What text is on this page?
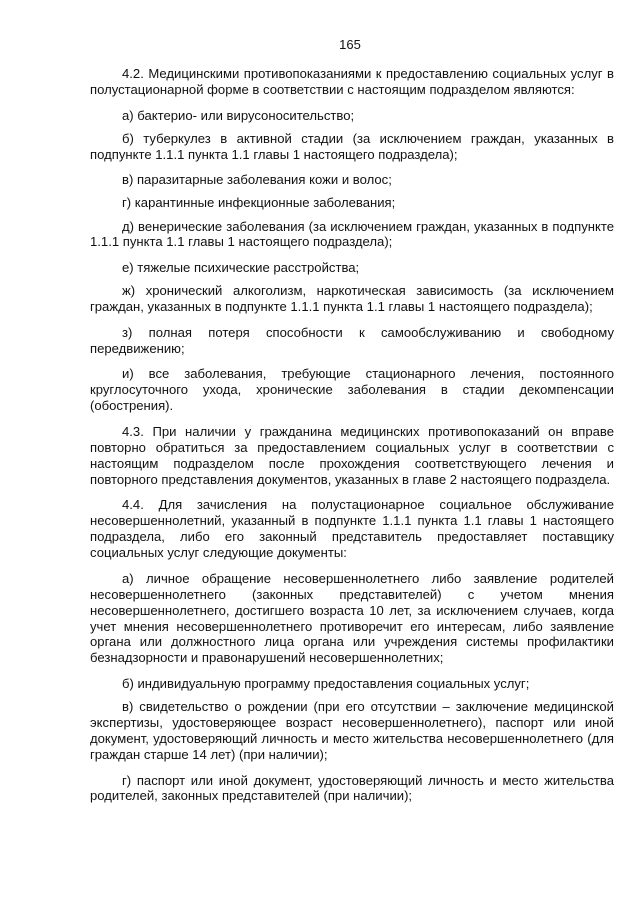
165

4.2. Медицинскими противопоказаниями к предоставлению социальных услуг в полустационарной форме в соответствии с настоящим подразделом являются:

а) бактерио- или вирусоносительство;

б) туберкулез в активной стадии (за исключением граждан, указанных в подпункте 1.1.1 пункта 1.1 главы 1 настоящего подраздела);

в) паразитарные заболевания кожи и волос;

г) карантинные инфекционные заболевания;

д) венерические заболевания (за исключением граждан, указанных в подпункте 1.1.1 пункта 1.1 главы 1 настоящего подраздела);

е) тяжелые психические расстройства;

ж) хронический алкоголизм, наркотическая зависимость (за исключением граждан, указанных в подпункте 1.1.1 пункта 1.1 главы 1 настоящего подраздела);

з) полная потеря способности к самообслуживанию и свободному передвижению;

и) все заболевания, требующие стационарного лечения, постоянного круглосуточного ухода, хронические заболевания в стадии декомпенсации (обострения).

4.3. При наличии у гражданина медицинских противопоказаний он вправе повторно обратиться за предоставлением социальных услуг в соответствии с настоящим подразделом после прохождения соответствующего лечения и повторного представления документов, указанных в главе 2 настоящего подраздела.

4.4. Для зачисления на полустационарное социальное обслуживание несовершеннолетний, указанный в подпункте 1.1.1 пункта 1.1 главы 1 настоящего подраздела, либо его законный представитель предоставляет поставщику социальных услуг следующие документы:

а) личное обращение несовершеннолетнего либо заявление родителей несовершеннолетнего (законных представителей) с учетом мнения несовершеннолетнего, достигшего возраста 10 лет, за исключением случаев, когда учет мнения несовершеннолетнего противоречит его интересам, либо заявление органа или должностного лица органа или учреждения системы профилактики безнадзорности и правонарушений несовершеннолетних;

б) индивидуальную программу предоставления социальных услуг;

в) свидетельство о рождении (при его отсутствии – заключение медицинской экспертизы, удостоверяющее возраст несовершеннолетнего), паспорт или иной документ, удостоверяющий личность и место жительства несовершеннолетнего (для граждан старше 14 лет) (при наличии);

г) паспорт или иной документ, удостоверяющий личность и место жительства родителей, законных представителей (при наличии);
